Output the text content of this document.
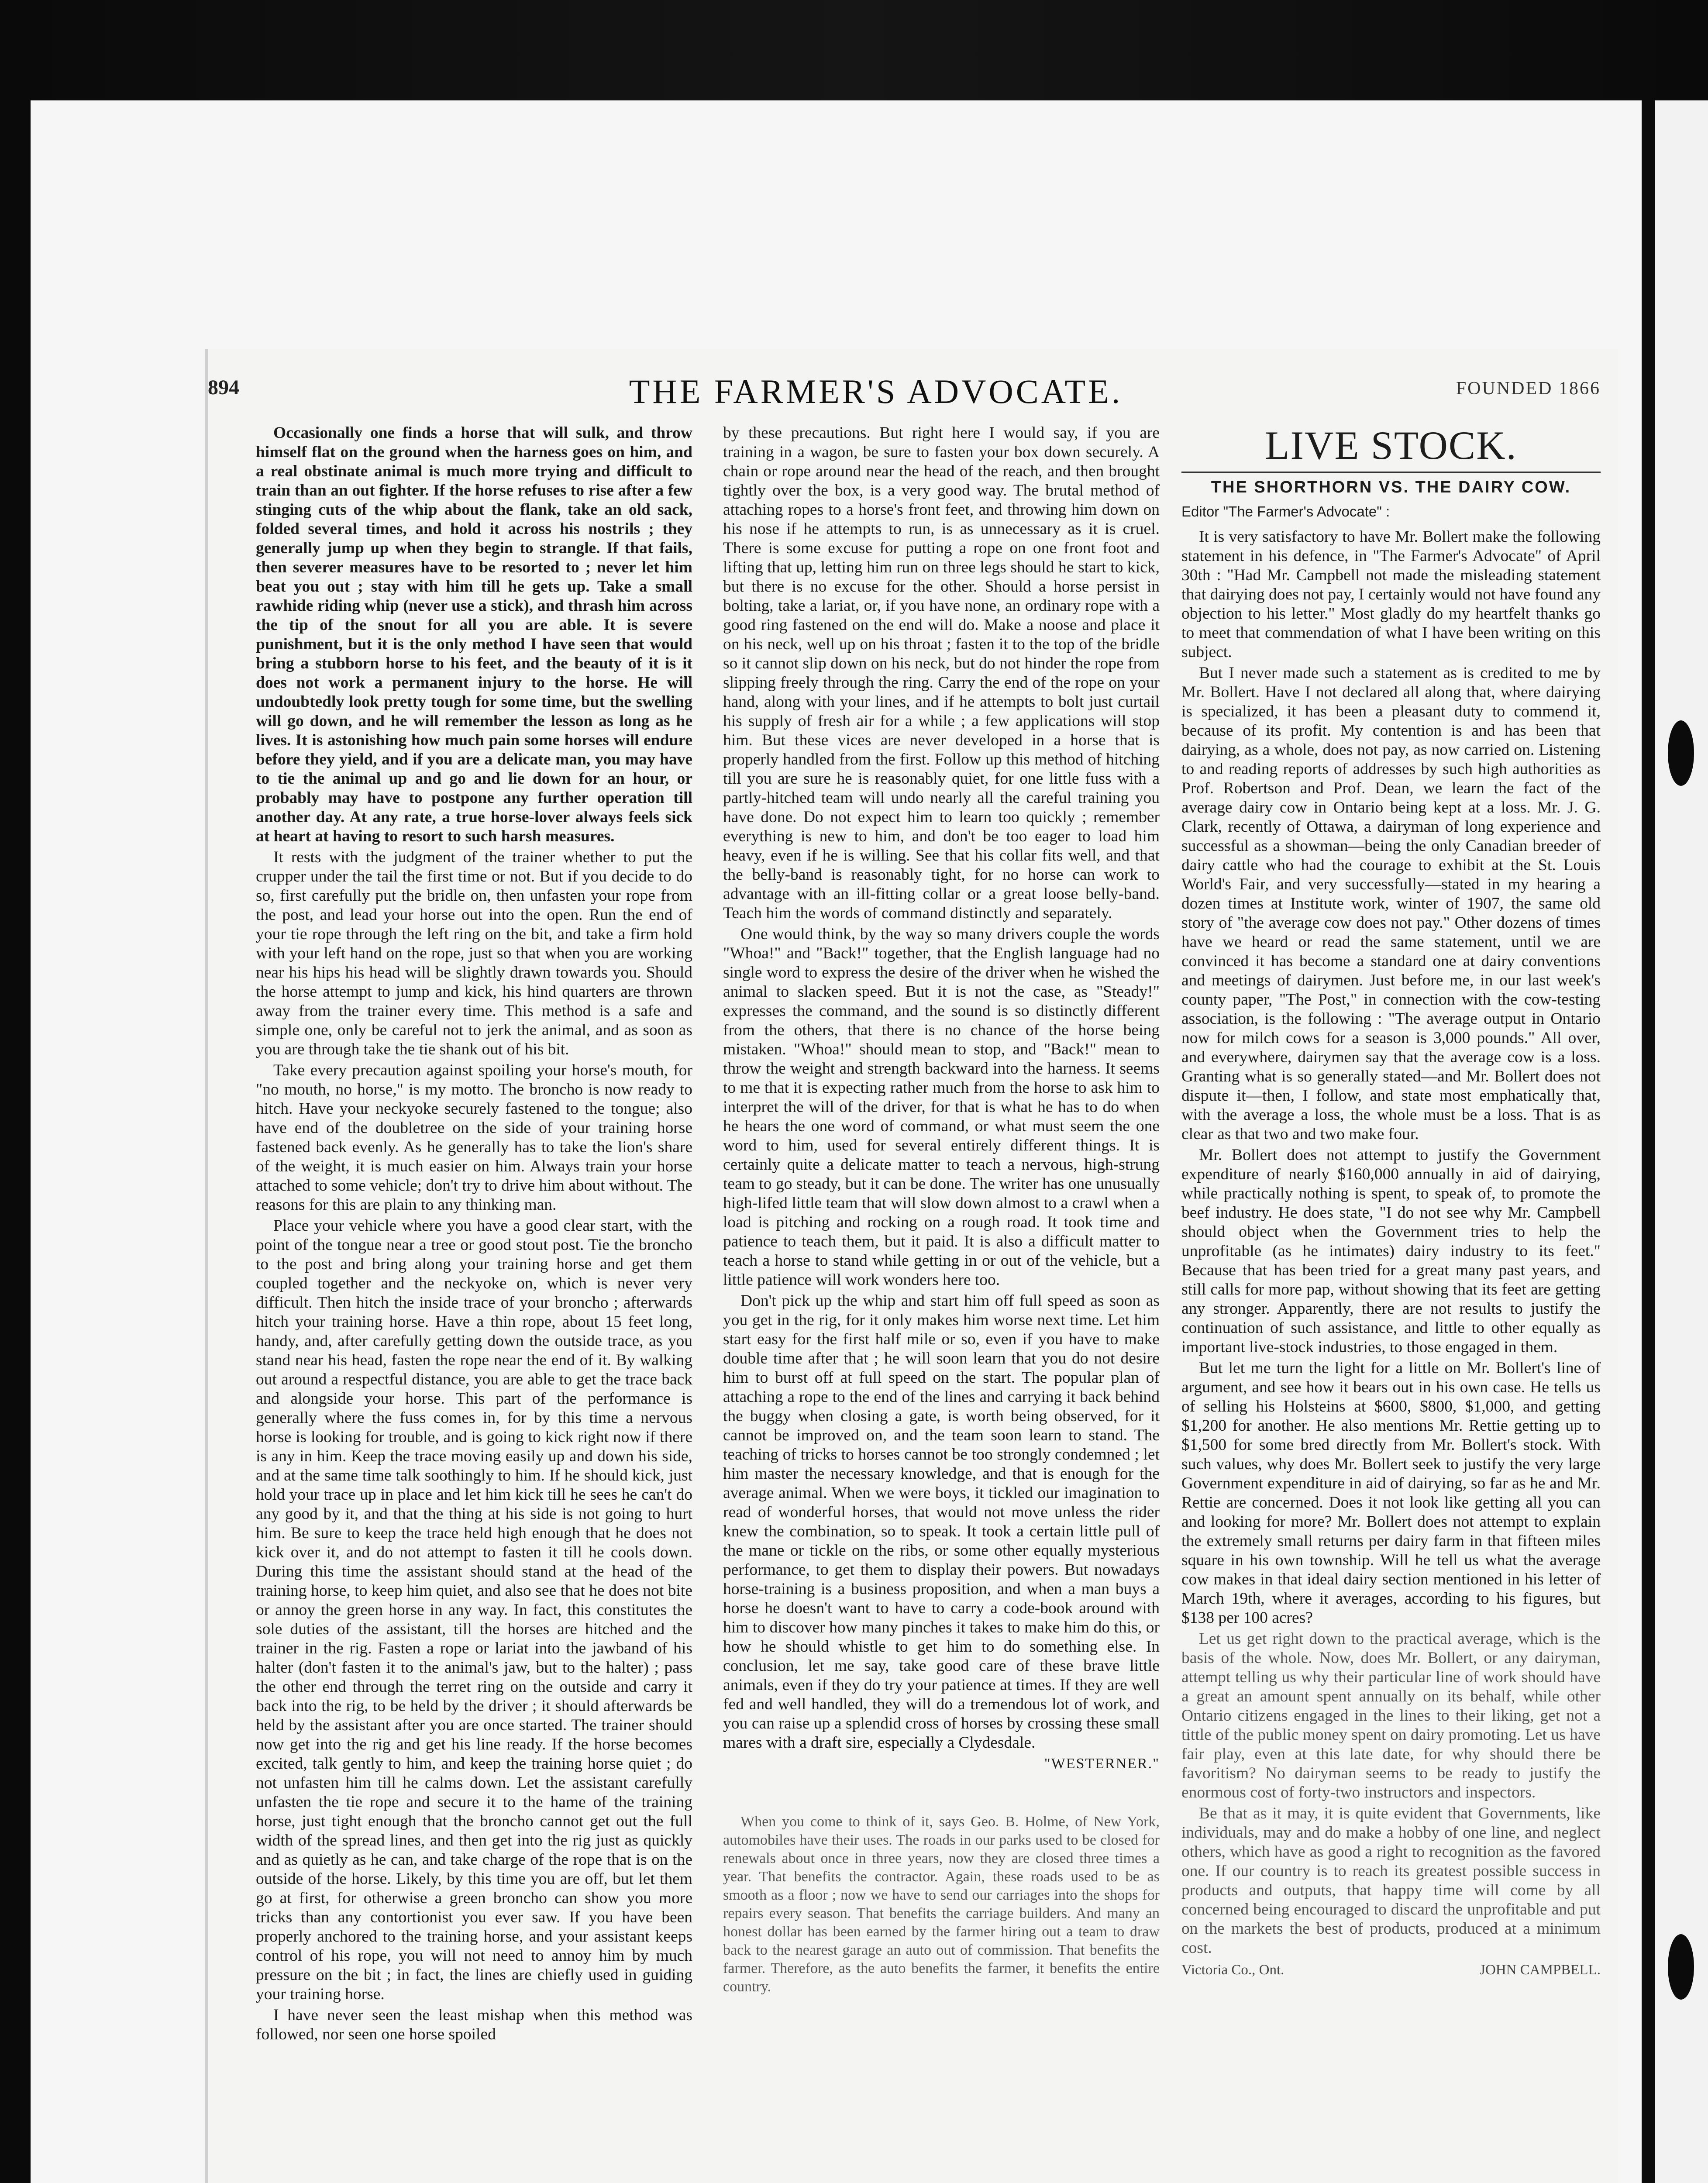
894	THE FARMER'S ADVOCATE.	FOUNDED 1866

Occasionally one finds a horse that will sulk, and throw himself flat on the ground when the harness goes on him, and a real obstinate animal is much more trying and difficult to train than an out fighter. If the horse refuses to rise after a few stinging cuts of the whip about the flank, take an old sack, folded several times, and hold it across his nostrils ; they generally jump up when they begin to strangle. If that fails, then severer measures have to be resorted to ; never let him beat you out ; stay with him till he gets up. Take a small rawhide riding whip (never use a stick), and thrash him across the tip of the snout for all you are able. It is severe punishment, but it is the only method I have seen that would bring a stubborn horse to his feet, and the beauty of it is it does not work a permanent injury to the horse. He will undoubtedly look pretty tough for some time, but the swelling will go down, and he will remember the lesson as long as he lives. It is astonishing how much pain some horses will endure before they yield, and if you are a delicate man, you may have to tie the animal up and go and lie down for an hour, or probably may have to postpone any further operation till another day. At any rate, a true horse-lover always feels sick at heart at having to resort to such harsh measures.

It rests with the judgment of the trainer whether to put the crupper under the tail the first time or not. But if you decide to do so, first carefully put the bridle on, then unfasten your rope from the post, and lead your horse out into the open. Run the end of your tie rope through the left ring on the bit, and take a firm hold with your left hand on the rope, just so that when you are working near his hips his head will be slightly drawn towards you. Should the horse attempt to jump and kick, his hind quarters are thrown away from the trainer every time. This method is a safe and simple one, only be careful not to jerk the animal, and as soon as you are through take the tie shank out of his bit.

Take every precaution against spoiling your horse's mouth, for "no mouth, no horse," is my motto. The broncho is now ready to hitch. Have your neckyoke securely fastened to the tongue; also have end of the doubletree on the side of your training horse fastened back evenly. As he generally has to take the lion's share of the weight, it is much easier on him. Always train your horse attached to some vehicle; don't try to drive him about without. The reasons for this are plain to any thinking man.

Place your vehicle where you have a good clear start, with the point of the tongue near a tree or good stout post. Tie the broncho to the post and bring along your training horse and get them coupled together and the neckyoke on, which is never very difficult. Then hitch the inside trace of your broncho ; afterwards hitch your training horse. Have a thin rope, about 15 feet long, handy, and, after carefully getting down the outside trace, as you stand near his head, fasten the rope near the end of it. By walking out around a respectful distance, you are able to get the trace back and alongside your horse. This part of the performance is generally where the fuss comes in, for by this time a nervous horse is looking for trouble, and is going to kick right now if there is any in him. Keep the trace moving easily up and down his side, and at the same time talk soothingly to him. If he should kick, just hold your trace up in place and let him kick till he sees he can't do any good by it, and that the thing at his side is not going to hurt him. Be sure to keep the trace held high enough that he does not kick over it, and do not attempt to fasten it till he cools down. During this time the assistant should stand at the head of the training horse, to keep him quiet, and also see that he does not bite or annoy the green horse in any way. In fact, this constitutes the sole duties of the assistant, till the horses are hitched and the trainer in the rig. Fasten a rope or lariat into the jawband of his halter (don't fasten it to the animal's jaw, but to the halter) ; pass the other end through the terret ring on the outside and carry it back into the rig, to be held by the driver ; it should afterwards be held by the assistant after you are once started. The trainer should now get into the rig and get his line ready. If the horse becomes excited, talk gently to him, and keep the training horse quiet ; do not unfasten him till he calms down. Let the assistant carefully unfasten the tie rope and secure it to the hame of the training horse, just tight enough that the broncho cannot get out the full width of the spread lines, and then get into the rig just as quickly and as quietly as he can, and take charge of the rope that is on the outside of the horse. Likely, by this time you are off, but let them go at first, for otherwise a green broncho can show you more tricks than any contortionist you ever saw. If you have been properly anchored to the training horse, and your assistant keeps control of his rope, you will not need to annoy him by much pressure on the bit ; in fact, the lines are chiefly used in guiding your training horse.

I have never seen the least mishap when this method was followed, nor seen one horse spoiled

by these precautions. But right here I would say, if you are training in a wagon, be sure to fasten your box down securely. A chain or rope around near the head of the reach, and then brought tightly over the box, is a very good way. The brutal method of attaching ropes to a horse's front feet, and throwing him down on his nose if he attempts to run, is as unnecessary as it is cruel. There is some excuse for putting a rope on one front foot and lifting that up, letting him run on three legs should he start to kick, but there is no excuse for the other. Should a horse persist in bolting, take a lariat, or, if you have none, an ordinary rope with a good ring fastened on the end will do. Make a noose and place it on his neck, well up on his throat ; fasten it to the top of the bridle so it cannot slip down on his neck, but do not hinder the rope from slipping freely through the ring. Carry the end of the rope on your hand, along with your lines, and if he attempts to bolt just curtail his supply of fresh air for a while ; a few applications will stop him. But these vices are never developed in a horse that is properly handled from the first. Follow up this method of hitching till you are sure he is reasonably quiet, for one little fuss with a partly-hitched team will undo nearly all the careful training you have done. Do not expect him to learn too quickly ; remember everything is new to him, and don't be too eager to load him heavy, even if he is willing. See that his collar fits well, and that the belly-band is reasonably tight, for no horse can work to advantage with an ill-fitting collar or a great loose belly-band. Teach him the words of command distinctly and separately.

One would think, by the way so many drivers couple the words "Whoa!" and "Back!" together, that the English language had no single word to express the desire of the driver when he wished the animal to slacken speed. But it is not the case, as "Steady!" expresses the command, and the sound is so distinctly different from the others, that there is no chance of the horse being mistaken. "Whoa!" should mean to stop, and "Back!" mean to throw the weight and strength backward into the harness. It seems to me that it is expecting rather much from the horse to ask him to interpret the will of the driver, for that is what he has to do when he hears the one word of command, or what must seem the one word to him, used for several entirely different things. It is certainly quite a delicate matter to teach a nervous, high-strung team to go steady, but it can be done. The writer has one unusually high-lifed little team that will slow down almost to a crawl when a load is pitching and rocking on a rough road. It took time and patience to teach them, but it paid. It is also a difficult matter to teach a horse to stand while getting in or out of the vehicle, but a little patience will work wonders here too.

Don't pick up the whip and start him off full speed as soon as you get in the rig, for it only makes him worse next time. Let him start easy for the first half mile or so, even if you have to make double time after that ; he will soon learn that you do not desire him to burst off at full speed on the start. The popular plan of attaching a rope to the end of the lines and carrying it back behind the buggy when closing a gate, is worth being observed, for it cannot be improved on, and the team soon learn to stand. The teaching of tricks to horses cannot be too strongly condemned ; let him master the necessary knowledge, and that is enough for the average animal. When we were boys, it tickled our imagination to read of wonderful horses, that would not move unless the rider knew the combination, so to speak. It took a certain little pull of the mane or tickle on the ribs, or some other equally mysterious performance, to get them to display their powers. But nowadays horse-training is a business proposition, and when a man buys a horse he doesn't want to have to carry a code-book around with him to discover how many pinches it takes to make him do this, or how he should whistle to get him to do something else. In conclusion, let me say, take good care of these brave little animals, even if they do try your patience at times. If they are well fed and well handled, they will do a tremendous lot of work, and you can raise up a splendid cross of horses by crossing these small mares with a draft sire, especially a Clydesdale.

"WESTERNER."

When you come to think of it, says Geo. B. Holme, of New York, automobiles have their uses. The roads in our parks used to be closed for renewals about once in three years, now they are closed three times a year. That benefits the contractor. Again, these roads used to be as smooth as a floor ; now we have to send our carriages into the shops for repairs every season. That benefits the carriage builders. And many an honest dollar has been earned by the farmer hiring out a team to draw back to the nearest garage an auto out of commission. That benefits the farmer. Therefore, as the auto benefits the farmer, it benefits the entire country.

LIVE STOCK.
THE SHORTHORN VS. THE DAIRY COW.
Editor "The Farmer's Advocate" :

It is very satisfactory to have Mr. Bollert make the following statement in his defence, in "The Farmer's Advocate" of April 30th : "Had Mr. Campbell not made the misleading statement that dairying does not pay, I certainly would not have found any objection to his letter." Most gladly do my heartfelt thanks go to meet that commendation of what I have been writing on this subject.

But I never made such a statement as is credited to me by Mr. Bollert. Have I not declared all along that, where dairying is specialized, it has been a pleasant duty to commend it, because of its profit. My contention is and has been that dairying, as a whole, does not pay, as now carried on. Listening to and reading reports of addresses by such high authorities as Prof. Robertson and Prof. Dean, we learn the fact of the average dairy cow in Ontario being kept at a loss. Mr. J. G. Clark, recently of Ottawa, a dairyman of long experience and successful as a showman—being the only Canadian breeder of dairy cattle who had the courage to exhibit at the St. Louis World's Fair, and very successfully—stated in my hearing a dozen times at Institute work, winter of 1907, the same old story of "the average cow does not pay." Other dozens of times have we heard or read the same statement, until we are convinced it has become a standard one at dairy conventions and meetings of dairymen. Just before me, in our last week's county paper, "The Post," in connection with the cow-testing association, is the following : "The average output in Ontario now for milch cows for a season is 3,000 pounds." All over, and everywhere, dairymen say that the average cow is a loss. Granting what is so generally stated—and Mr. Bollert does not dispute it—then, I follow, and state most emphatically that, with the average a loss, the whole must be a loss. That is as clear as that two and two make four.

Mr. Bollert does not attempt to justify the Government expenditure of nearly $160,000 annually in aid of dairying, while practically nothing is spent, to speak of, to promote the beef industry. He does state, "I do not see why Mr. Campbell should object when the Government tries to help the unprofitable (as he intimates) dairy industry to its feet." Because that has been tried for a great many past years, and still calls for more pap, without showing that its feet are getting any stronger. Apparently, there are not results to justify the continuation of such assistance, and little to other equally as important live-stock industries, to those engaged in them.

But let me turn the light for a little on Mr. Bollert's line of argument, and see how it bears out in his own case. He tells us of selling his Holsteins at $600, $800, $1,000, and getting $1,200 for another. He also mentions Mr. Rettie getting up to $1,500 for some bred directly from Mr. Bollert's stock. With such values, why does Mr. Bollert seek to justify the very large Government expenditure in aid of dairying, so far as he and Mr. Rettie are concerned. Does it not look like getting all you can and looking for more? Mr. Bollert does not attempt to explain the extremely small returns per dairy farm in that fifteen miles square in his own township. Will he tell us what the average cow makes in that ideal dairy section mentioned in his letter of March 19th, where it averages, according to his figures, but $138 per 100 acres?

Let us get right down to the practical average, which is the basis of the whole. Now, does Mr. Bollert, or any dairyman, attempt telling us why their particular line of work should have a great an amount spent annually on its behalf, while other Ontario citizens engaged in the lines to their liking, get not a tittle of the public money spent on dairy promoting. Let us have fair play, even at this late date, for why should there be favoritism? No dairyman seems to be ready to justify the enormous cost of forty-two instructors and inspectors.

Be that as it may, it is quite evident that Governments, like individuals, may and do make a hobby of one line, and neglect others, which have as good a right to recognition as the favored one. If our country is to reach its greatest possible success in products and outputs, that happy time will come by all concerned being encouraged to discard the unprofitable and put on the markets the best of products, produced at a minimum cost.

Victoria Co., Ont.	JOHN CAMPBELL.
